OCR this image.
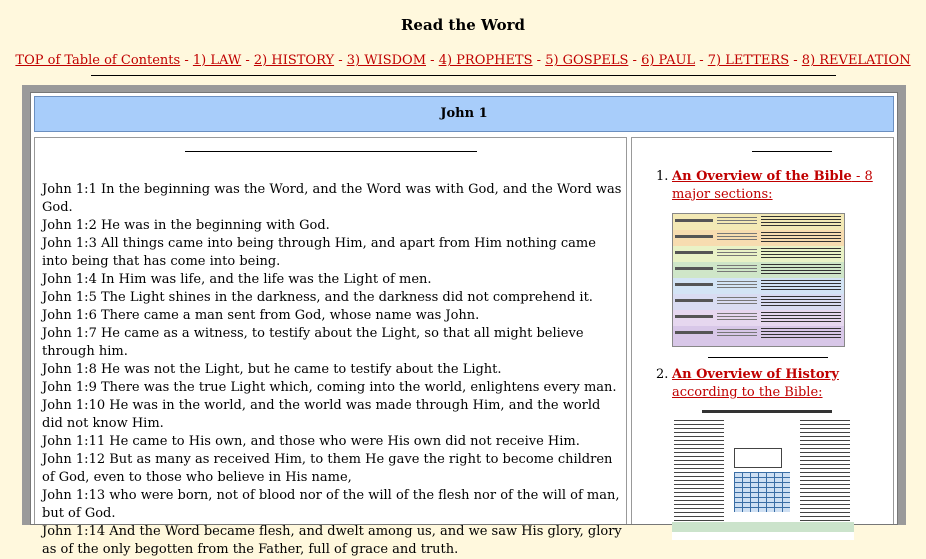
Read the Word
TOP of Table of Contents - 1) LAW - 2) HISTORY - 3) WISDOM - 4) PROPHETS - 5) GOSPELS - 6) PAUL - 7) LETTERS - 8) REVELATION
John 1

John 1:1 In the beginning was the Word, and the Word was with God, and the Word was God.

John 1:2 He was in the beginning with God.

John 1:3 All things came into being through Him, and apart from Him nothing came into being that has come into being.

John 1:4 In Him was life, and the life was the Light of men.

John 1:5 The Light shines in the darkness, and the darkness did not comprehend it.

John 1:6 There came a man sent from God, whose name was John.

John 1:7 He came as a witness, to testify about the Light, so that all might believe through him.

John 1:8 He was not the Light, but he came to testify about the Light.

John 1:9 There was the true Light which, coming into the world, enlightens every man.

John 1:10 He was in the world, and the world was made through Him, and the world did not know Him.

John 1:11 He came to His own, and those who were His own did not receive Him.

John 1:12 But as many as received Him, to them He gave the right to become children of God, even to those who believe in His name,

John 1:13 who were born, not of blood nor of the will of the flesh nor of the will of man, but of God.

John 1:14 And the Word became flesh, and dwelt among us, and we saw His glory, glory as of the only begotten from the Father, full of grace and truth.

1. An Overview of the Bible - 8 major sections:
2. An Overview of History according to the Bible:
